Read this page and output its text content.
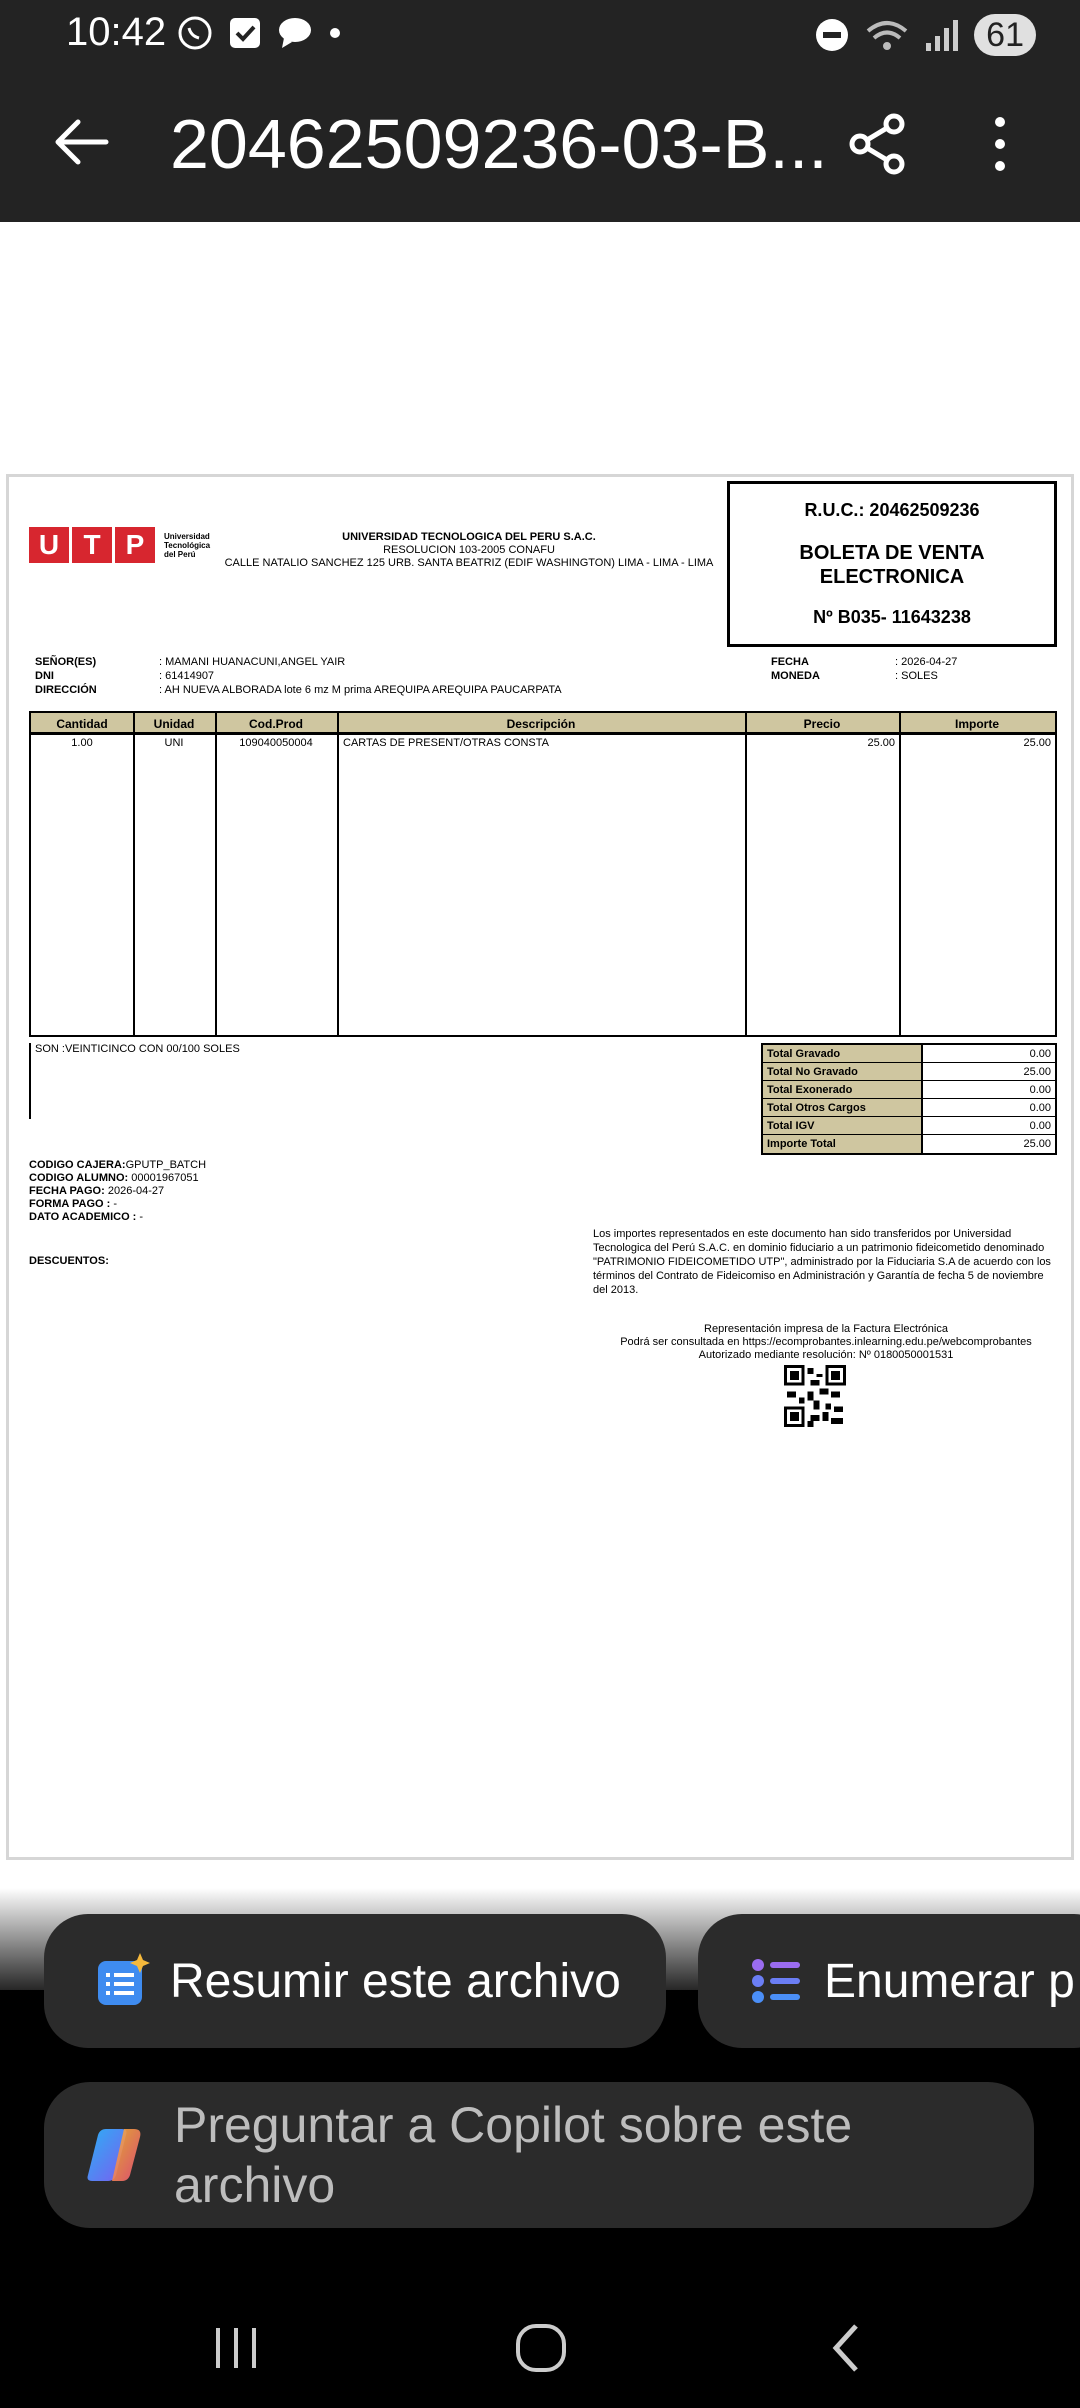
10:42	61
20462509236-03-B...
U T P	Universidad Tecnológica del Perú
UNIVERSIDAD TECNOLOGICA DEL PERU S.A.C.
RESOLUCION 103-2005 CONAFU
CALLE NATALIO SANCHEZ 125 URB. SANTA BEATRIZ (EDIF WASHINGTON) LIMA - LIMA - LIMA
R.U.C.: 20462509236
BOLETA DE VENTA ELECTRONICA
Nº B035- 11643238
SEÑOR(ES)	: MAMANI HUANACUNI,ANGEL YAIR
DNI	: 61414907
DIRECCIÓN	: AH NUEVA ALBORADA lote 6 mz M prima AREQUIPA AREQUIPA PAUCARPATA
FECHA	: 2026-04-27
MONEDA	: SOLES
Cantidad	Unidad	Cod.Prod	Descripción	Precio	Importe
1.00	UNI	109040050004	CARTAS DE PRESENT/OTRAS CONSTA	25.00	25.00
SON :VEINTICINCO CON 00/100 SOLES	Total Gravado	0.00
Total No Gravado	25.00
Total Exonerado	0.00
Total Otros Cargos	0.00
Total IGV	0.00
Importe Total	25.00
CODIGO CAJERA:GPUTP_BATCH
CODIGO ALUMNO: 00001967051
FECHA PAGO: 2026-04-27
FORMA PAGO : -
DATO ACADEMICO : -
DESCUENTOS:
Los importes representados en este documento han sido transferidos por Universidad Tecnologica del Perú S.A.C. en dominio fiduciario a un patrimonio fideicometido denominado "PATRIMONIO FIDEICOMETIDO UTP", administrado por la Fiduciaria S.A de acuerdo con los términos del Contrato de Fideicomiso en Administración y Garantía de fecha 5 de noviembre del 2013.
Representación impresa de la Factura Electrónica
Podrá ser consultada en https://ecomprobantes.inlearning.edu.pe/webcomprobantes
Autorizado mediante resolución: Nº 0180050001531
Resumir este archivo	Enumerar p
Preguntar a Copilot sobre este archivo
